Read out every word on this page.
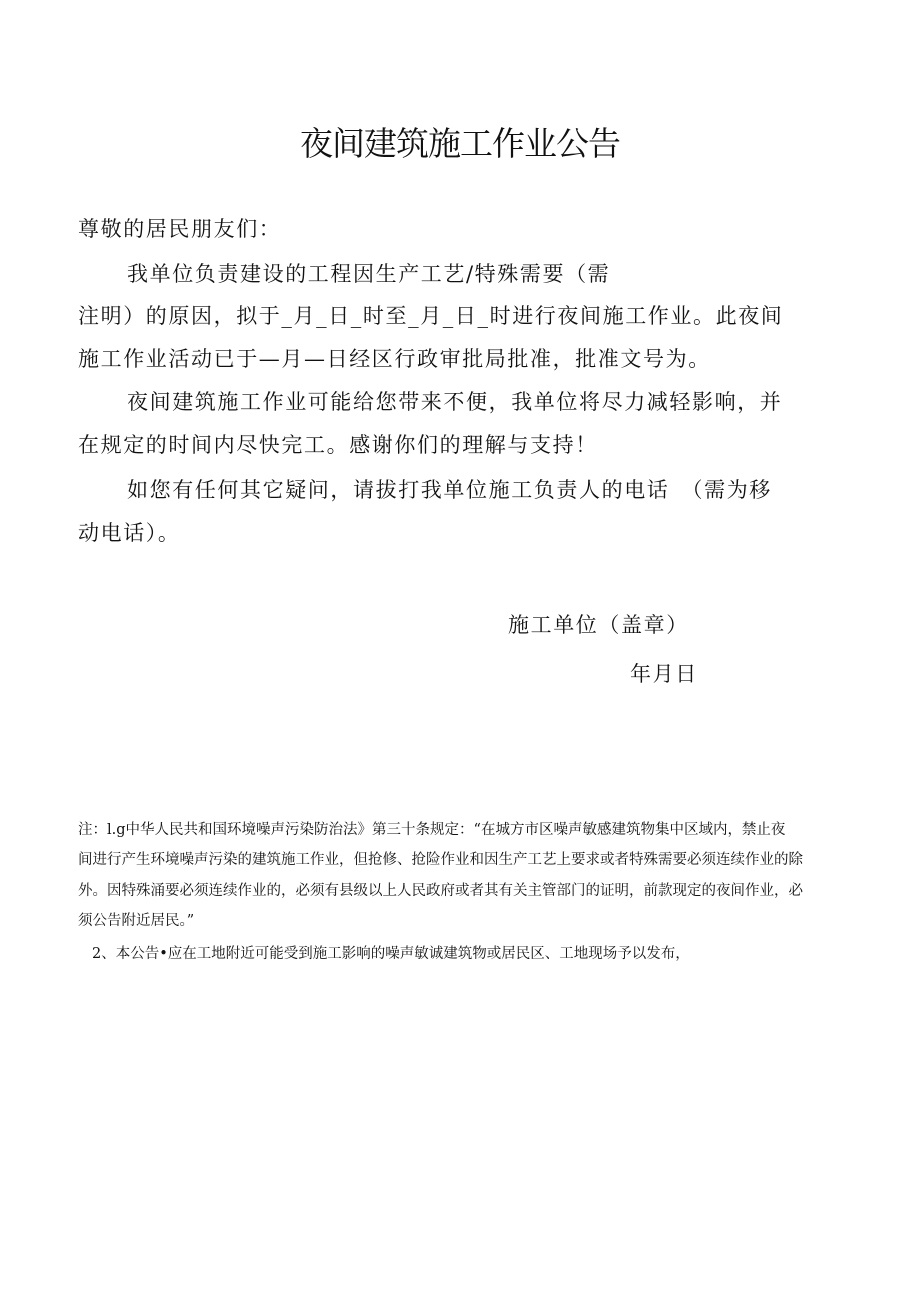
夜间建筑施工作业公告
尊敬的居民朋友们：
我单位负责建设的工程因生产工艺/特殊需要（需
注明）的原因，拟于_月_日_时至_月_日_时进行夜间施工作业。此夜间
施工作业活动已于—月—日经区行政审批局批准，批准文号为。
夜间建筑施工作业可能给您带来不便，我单位将尽力减轻影响，并
在规定的时间内尽快完工。感谢你们的理解与支持！
如您有任何其它疑问，请拔打我单位施工负责人的电话　（需为移
动电话）。
施工单位（盖章）
年月日
注：l.g中华人民共和国环境噪声污染防治法》第三十条规定：“在城方市区噪声敏感建筑物集中区域内，禁止夜
间进行产生环境噪声污染的建筑施工作业，但抢修、抢险作业和因生产工艺上要求或者特殊需要必须连续作业的除
外。因特殊涌要必须连续作业的，必须有县级以上人民政府或者其有关主管部门的证明，前款现定的夜间作业，必
须公告附近居民。”
2、本公告•应在工地附近可能受到施工影响的噪声敏诚建筑物或居民区、工地现场予以发布，
